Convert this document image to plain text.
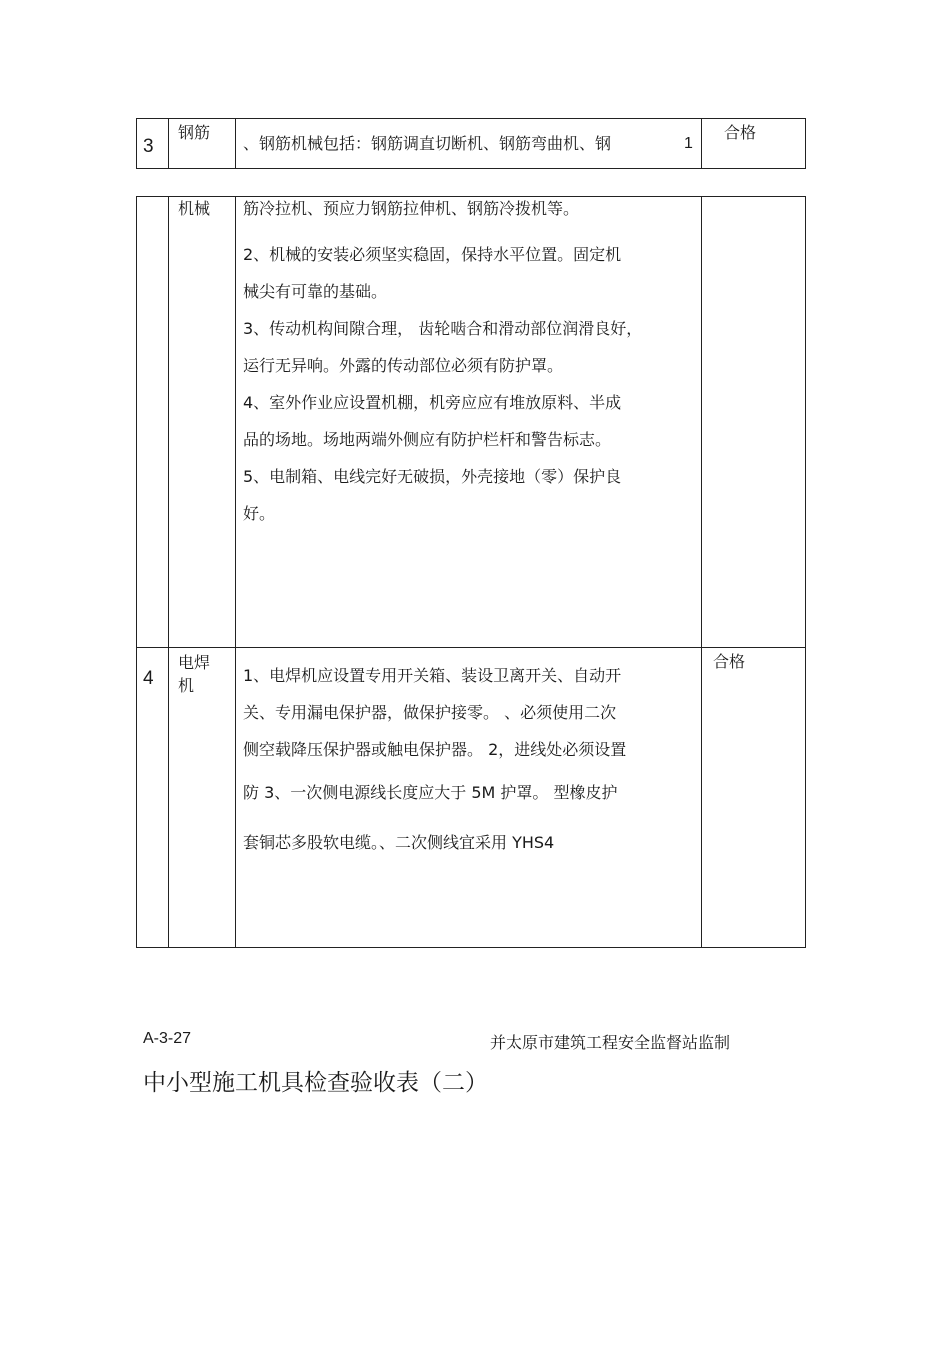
3
钢筋
、钢筋机械包括：钢筋调直切断机、钢筋弯曲机、钢	1
合格
机械 筋冷拉机、预应力钢筋拉伸机、钢筋冷拨机等。
2、机械的安装必须坚实稳固，保持水平位置。固定机
械尖有可靠的基础。
3、传动机构间隙合理， 齿轮啮合和滑动部位润滑良好，
运行无异响。外露的传动部位必须有防护罩。
4、室外作业应设置机棚，机旁应应有堆放原料、半成
品的场地。场地两端外侧应有防护栏杆和警告标志。
5、电制箱、电线完好无破损，外壳接地（零）保护良
好。
4
电焊
机
合格
1、电焊机应设置专用开关箱、装设卫离开关、自动开
关、专用漏电保护器，做保护接零。 、必须使用二次
侧空载降压保护器或触电保护器。 2，进线处必须设置
防 3、一次侧电源线长度应大于 5M 护罩。 型橡皮护
套铜芯多股软电缆。、二次侧线宜采用 YHS4
A-3-27	并太原市建筑工程安全监督站监制
中小型施工机具检查验收表（二）
